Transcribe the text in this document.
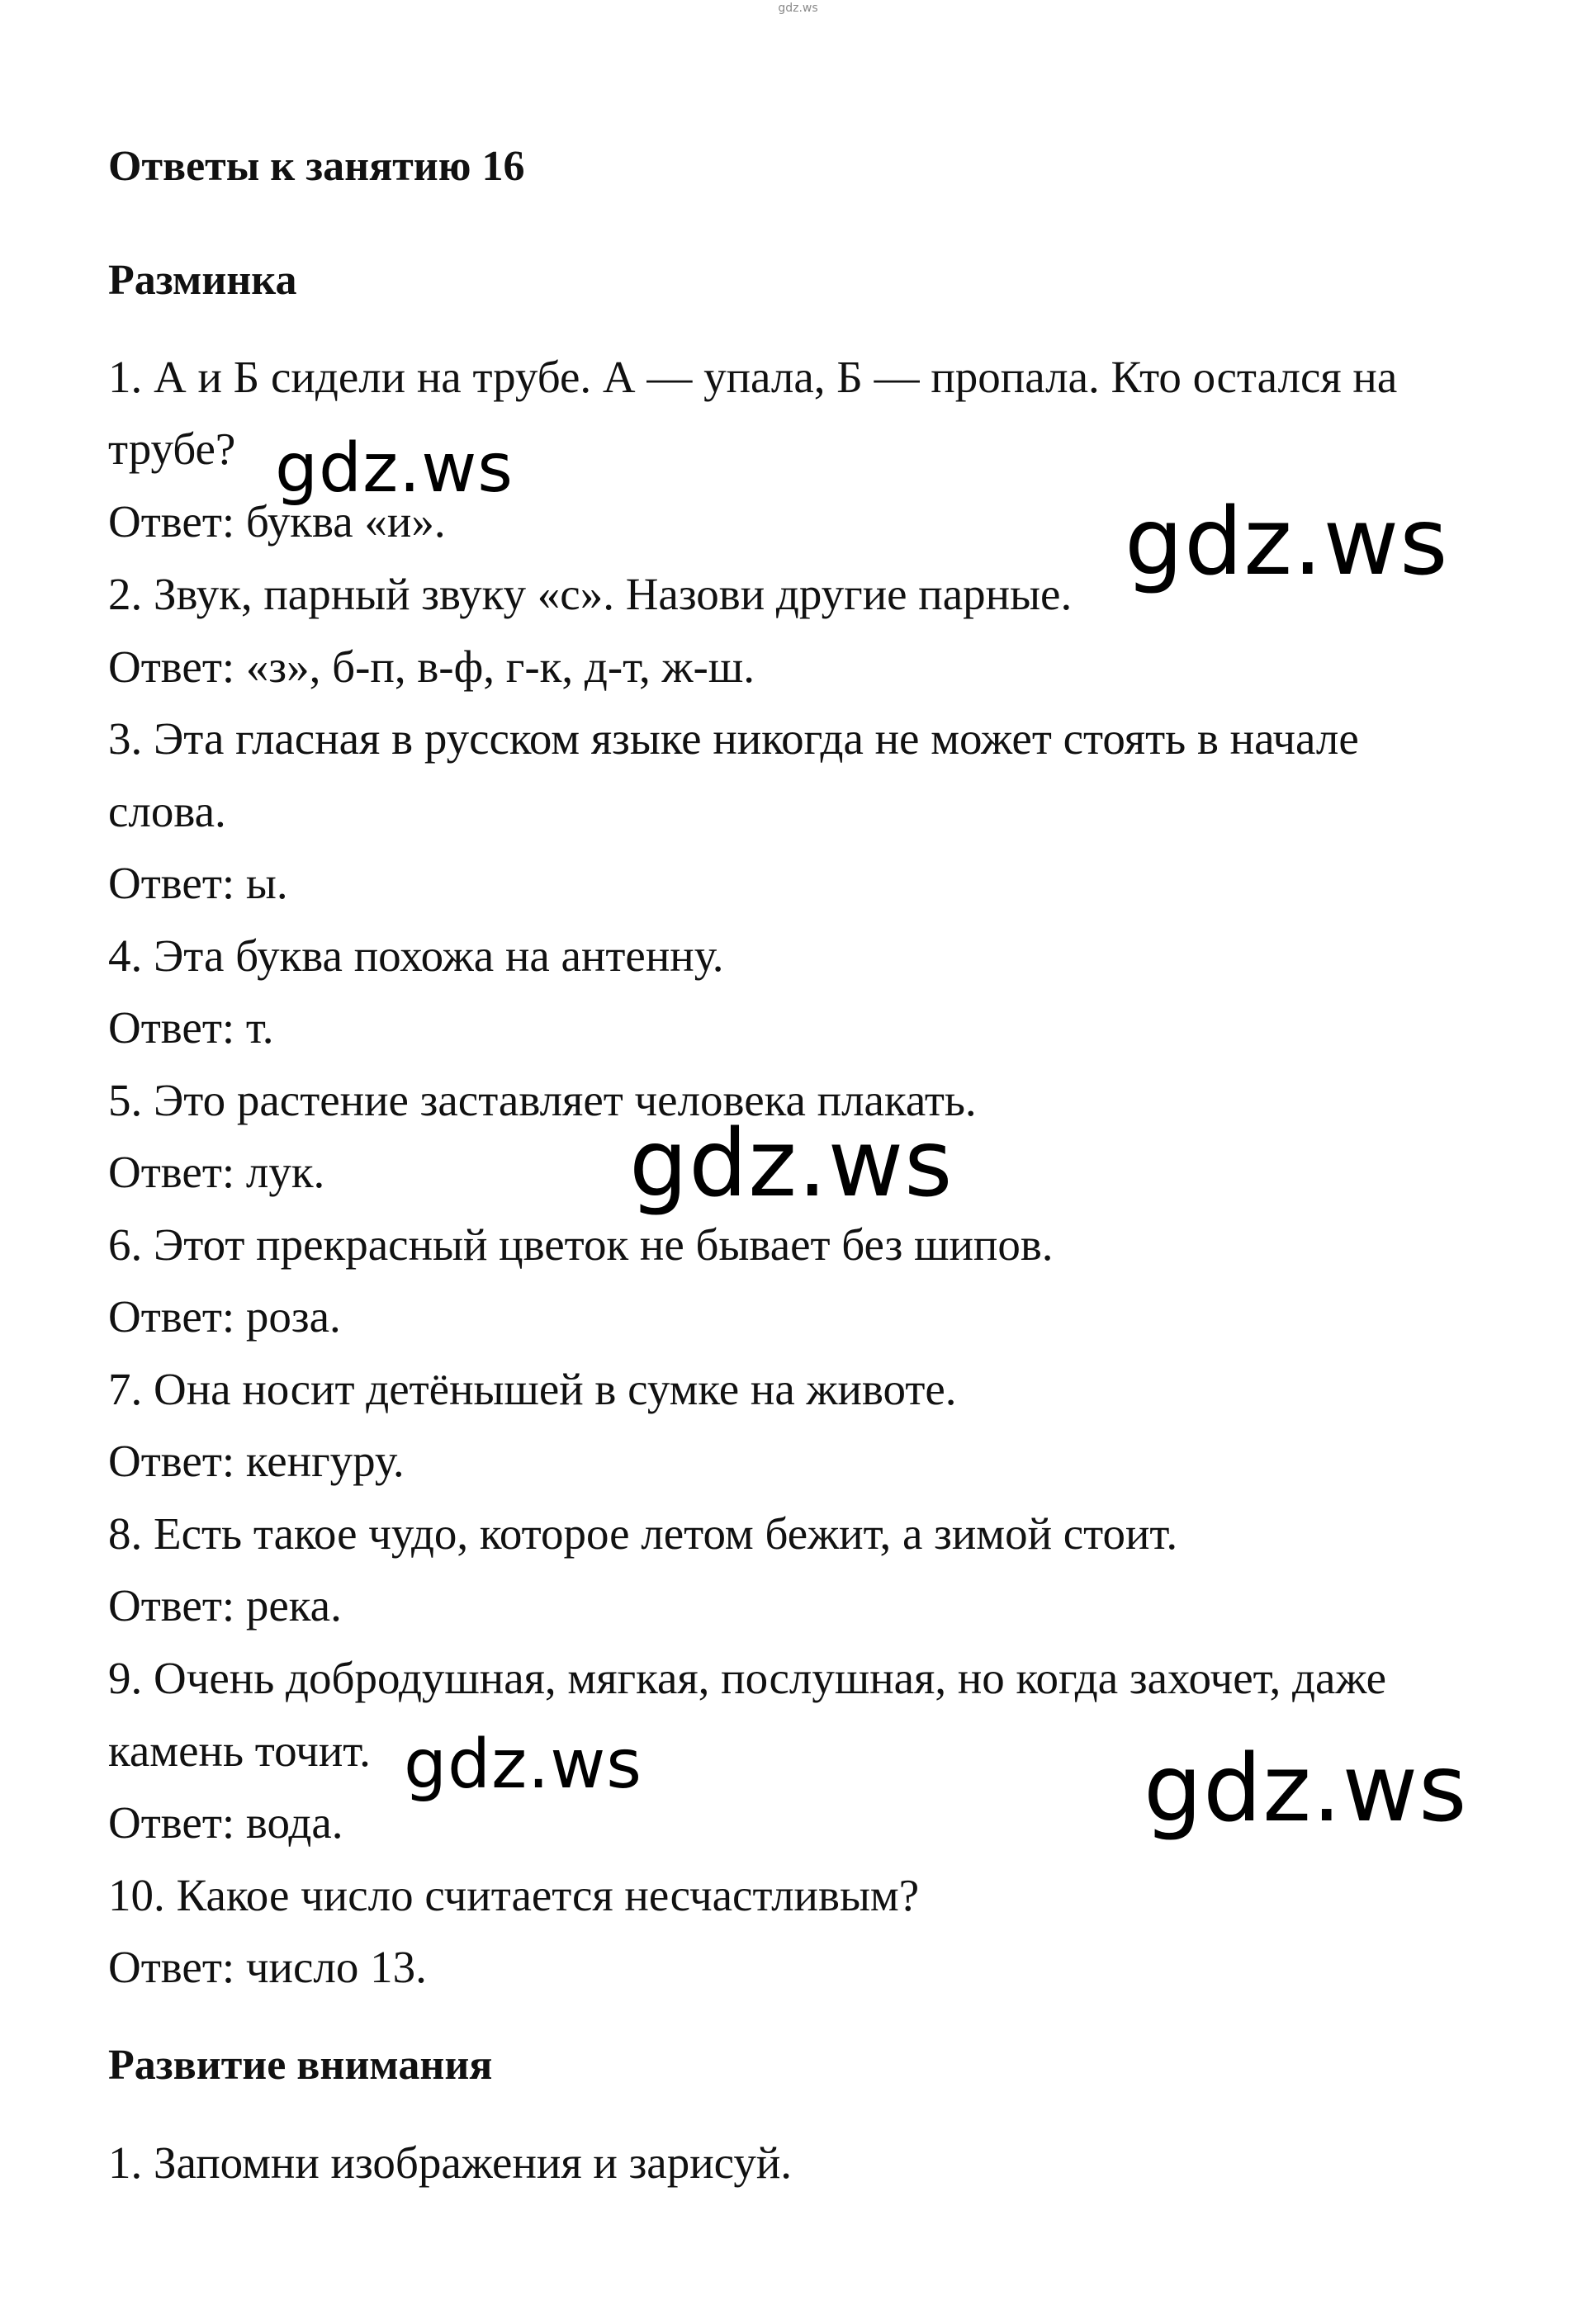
gdz.ws
Ответы к занятию 16
Разминка
1. А и Б сидели на трубе. А — упала, Б — пропала. Кто остался на
трубе?
Ответ: буква «и».
2. Звук, парный звуку «с». Назови другие парные.
Ответ: «з», б-п, в-ф, г-к, д-т, ж-ш.
3. Эта гласная в русском языке никогда не может стоять в начале
слова.
Ответ: ы.
4. Эта буква похожа на антенну.
Ответ: т.
5. Это растение заставляет человека плакать.
Ответ: лук.
6. Этот прекрасный цветок не бывает без шипов.
Ответ: роза.
7. Она носит детёнышей в сумке на животе.
Ответ: кенгуру.
8. Есть такое чудо, которое летом бежит, а зимой стоит.
Ответ: река.
9. Очень добродушная, мягкая, послушная, но когда захочет, даже
камень точит.
Ответ: вода.
10. Какое число считается несчастливым?
Ответ: число 13.
Развитие внимания
1. Запомни изображения и зарисуй.
gdz.ws
gdz.ws
gdz.ws
gdz.ws	gdz.ws
